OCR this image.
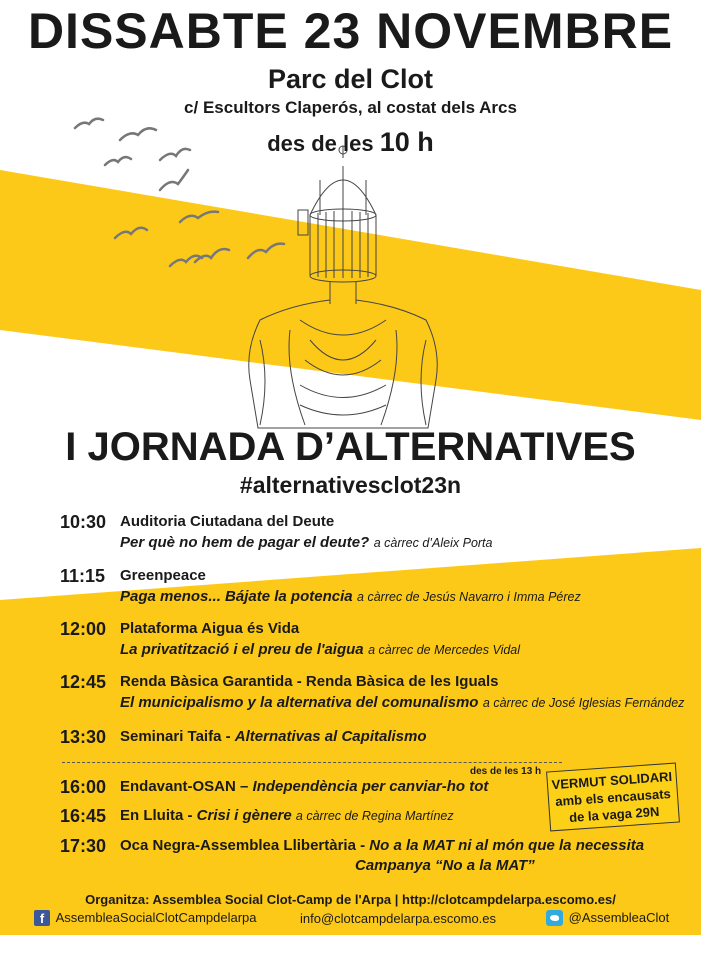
DISSABTE 23 NOVEMBRE
Parc del Clot
c/ Escultors Claperós, al costat dels Arcs
des de les 10 h
I JORNADA D’ALTERNATIVES
#alternativesclot23n
10:30 Auditoria Ciutadana del Deute
Per què no hem de pagar el deute? a càrrec d’Aleix Porta
11:15 Greenpeace
Paga menos... Bájate la potencia a càrrec de Jesús Navarro i Imma Pérez
12:00 Plataforma Aigua és Vida
La privatització i el preu de l'aigua a càrrec de Mercedes Vidal
12:45 Renda Bàsica Garantida - Renda Bàsica de les Iguals
El municipalismo y la alternativa del comunalismo a càrrec de José Iglesias Fernández
13:30 Seminari Taifa - Alternativas al Capitalismo
des de les 13 h
16:00 Endavant-OSAN – Independència per canviar-ho tot
16:45 En Lluita - Crisi i gènere a càrrec de Regina Martínez
17:30 Oca Negra-Assemblea Llibertària - No a la MAT ni al món que la necessita
Campanya “No a la MAT”
VERMUT SOLIDARI
amb els encausats
de la vaga 29N
Organitza: Assemblea Social Clot-Camp de l'Arpa | http://clotcampdelarpa.escomo.es/
f AssembleaSocialClotCampdelarpa	info@clotcampdelarpa.escomo.es	@AssembleaClot
